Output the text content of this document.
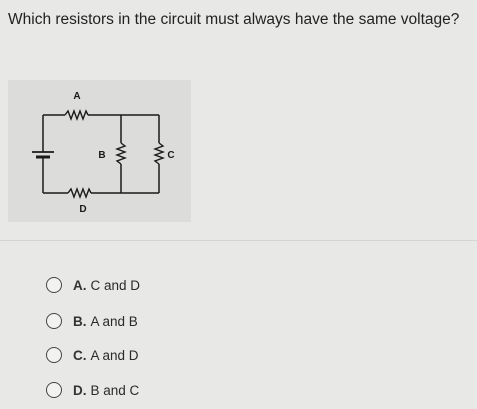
Which resistors in the circuit must always have the same voltage?
A
B	C
D
A. C and D
B. A and B
C. A and D
D. B and C
